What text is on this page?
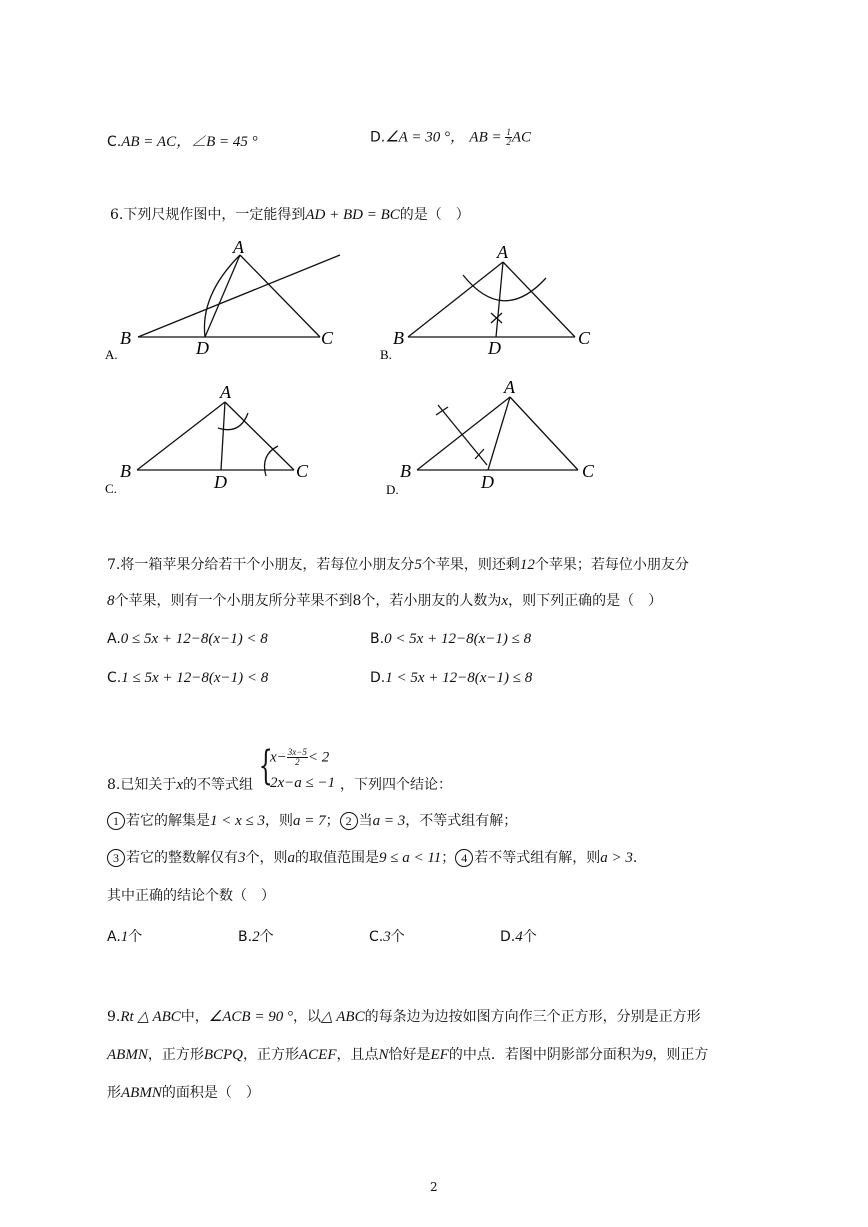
C.AB = AC，∠B = 45 °	D.∠A = 30 °， AB = $\frac{1}{2}$ AC
6.下列尺规作图中，一定能得到AD + BD = BC的是（　）
A
B	D	C
A.
A
B	D	C
B.
A
B
D
C
C.
A
B
D
C
D.
7.将一箱苹果分给若干个小朋友，若每位小朋友分5个苹果，则还剩12个苹果；若每位小朋友分
8个苹果，则有一个小朋友所分苹果不到8个，若小朋友的人数为x，则下列正确的是（　）
A.0 ≤ 5x + 12−8(x−1) < 8	B.0 < 5x + 12−8(x−1) ≤ 8
C.1 ≤ 5x + 12−8(x−1) < 8	D.1 < 5x + 12−8(x−1) ≤ 8
{
$x- \frac{3x-5}{2} < 2$
2x−a ≤ −1
8.已知关于x的不等式组	，下列四个结论：
1 若它的解集是1 < x ≤ 3，则a = 7； 2 当a = 3，不等式组有解；
3 若它的整数解仅有3个，则a的取值范围是9 ≤ a < 11； 4 若不等式组有解，则a > 3.
其中正确的结论个数（　）
A.1个	B.2个	C.3个	D.4个
9.Rt △ ABC中，∠ACB = 90 °，以△ ABC的每条边为边按如图方向作三个正方形，分别是正方形
ABMN，正方形BCPQ，正方形ACEF，且点N恰好是EF的中点．若图中阴影部分面积为9，则正方
形ABMN的面积是（　）
2
